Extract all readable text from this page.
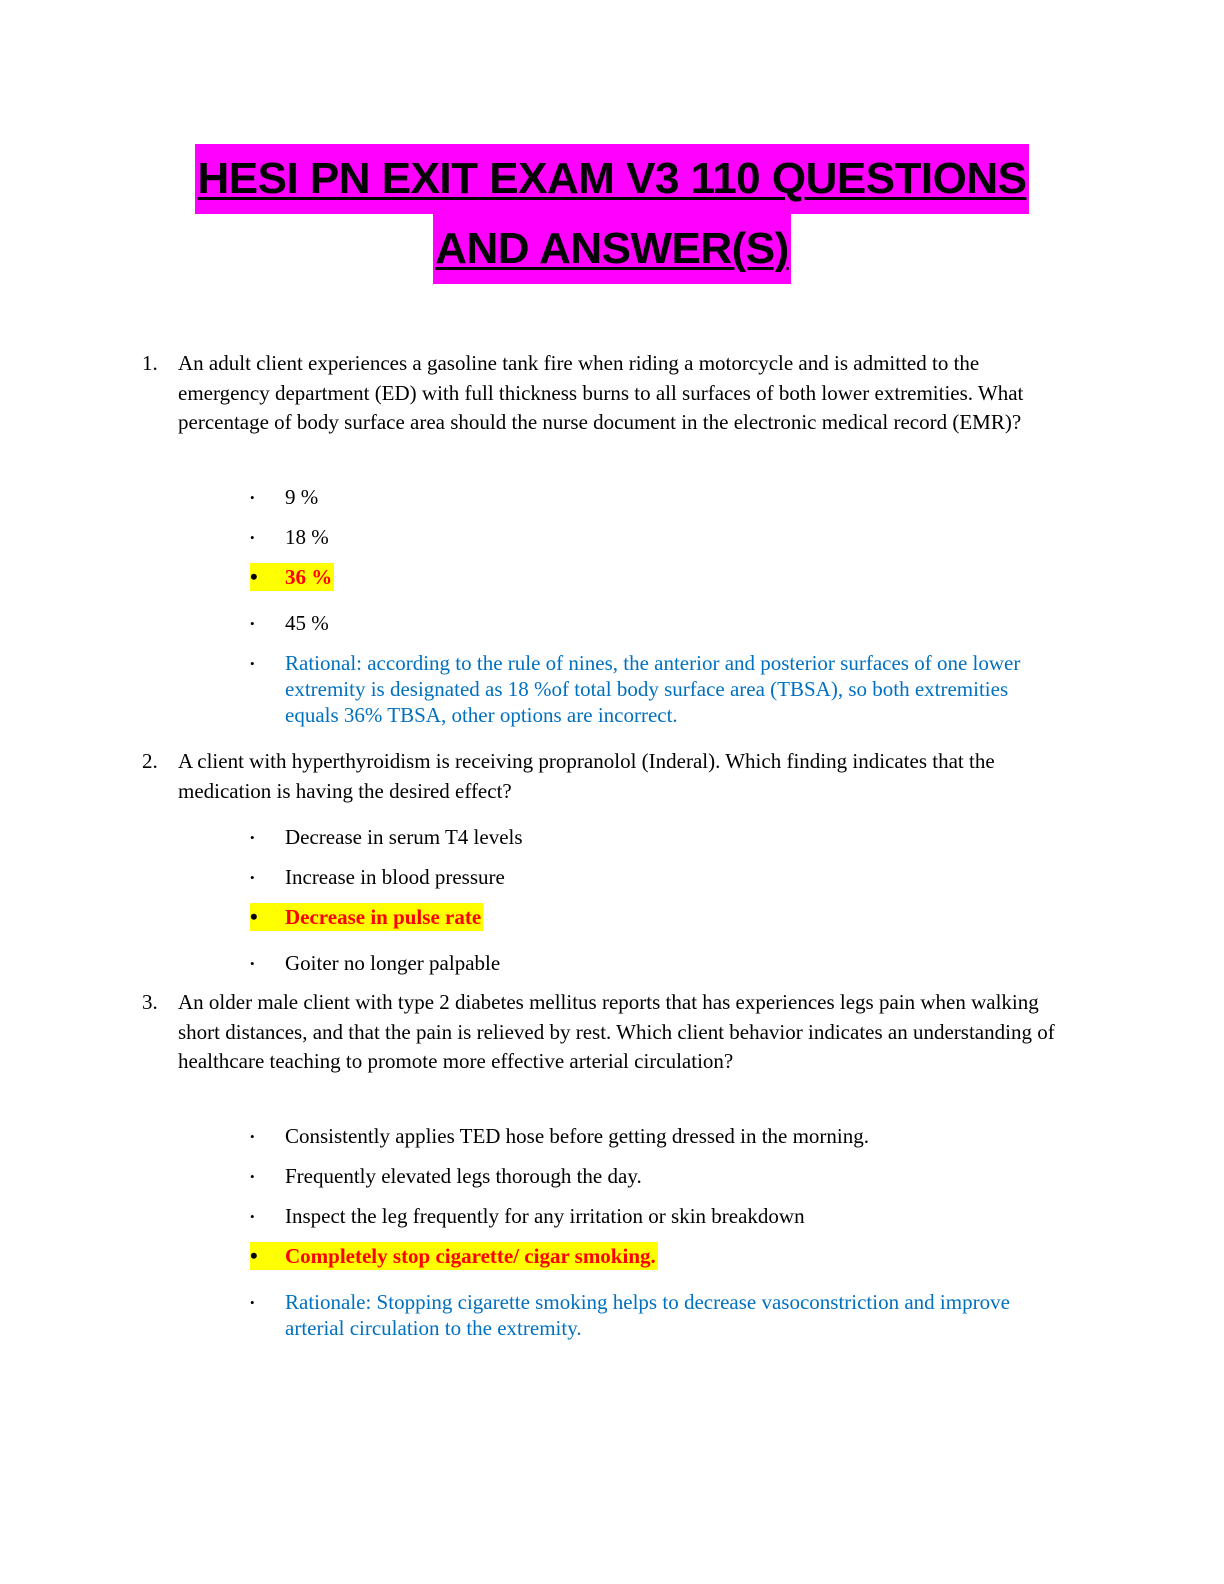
HESI PN EXIT EXAM V3 110 QUESTIONS
AND ANSWER(S)
1. An adult client experiences a gasoline tank fire when riding a motorcycle and is admitted to the emergency department (ED) with full thickness burns to all surfaces of both lower extremities. What percentage of body surface area should the nurse document in the electronic medical record (EMR)?
•	9 %
•	18 %
• 36 %
•	45 %
•	Rational: according to the rule of nines, the anterior and posterior surfaces of one lower extremity is designated as 18 %of total body surface area (TBSA), so both extremities equals 36% TBSA, other options are incorrect.
2. A client with hyperthyroidism is receiving propranolol (Inderal). Which finding indicates that the medication is having the desired effect?
•	Decrease in serum T4 levels
•	Increase in blood pressure
• Decrease in pulse rate
•	Goiter no longer palpable
3. An older male client with type 2 diabetes mellitus reports that has experiences legs pain when walking short distances, and that the pain is relieved by rest. Which client behavior indicates an understanding of healthcare teaching to promote more effective arterial circulation?
•	Consistently applies TED hose before getting dressed in the morning.
•	Frequently elevated legs thorough the day.
•	Inspect the leg frequently for any irritation or skin breakdown
• Completely stop cigarette/ cigar smoking.
•	Rationale: Stopping cigarette smoking helps to decrease vasoconstriction and improve arterial circulation to the extremity.
